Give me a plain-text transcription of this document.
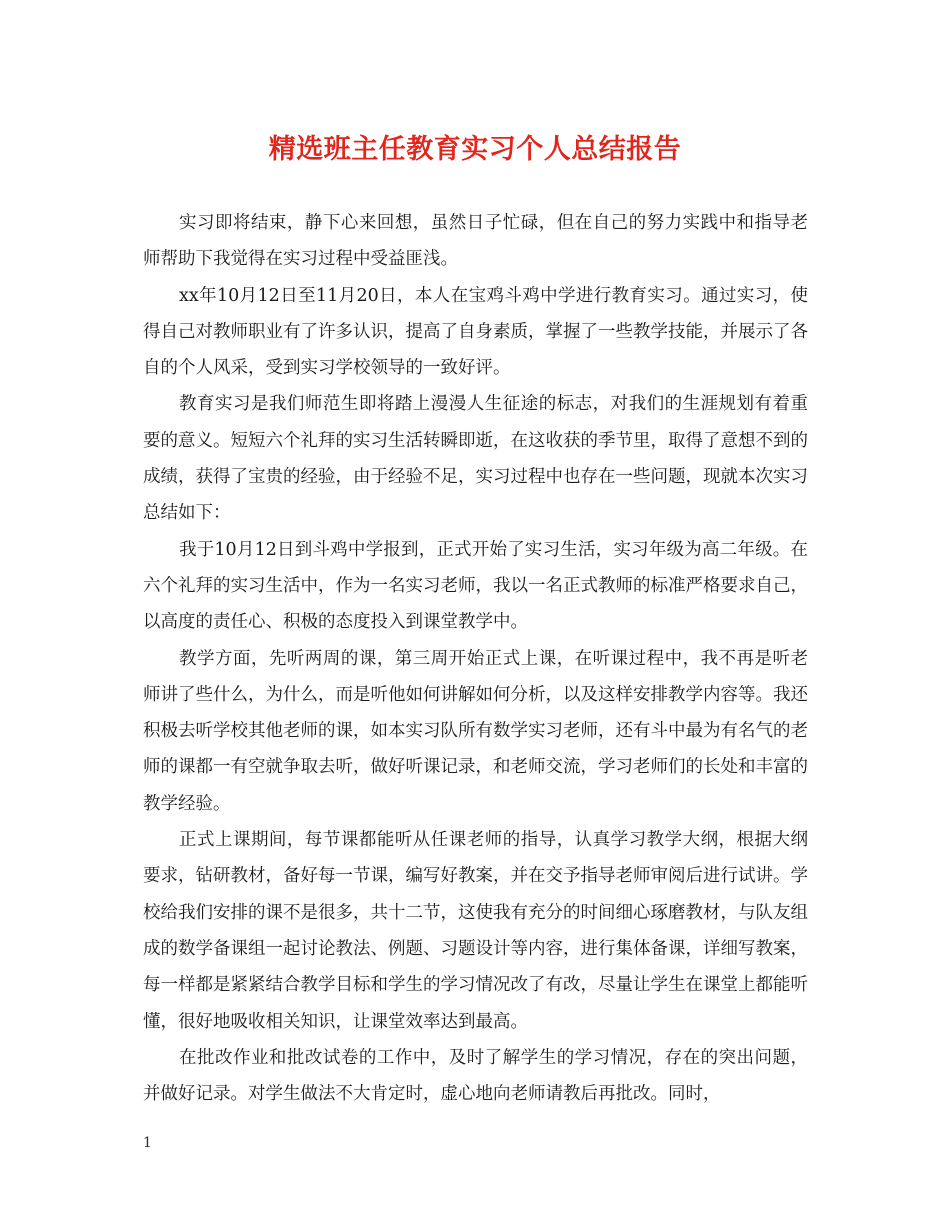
精选班主任教育实习个人总结报告

实习即将结束，静下心来回想，虽然日子忙碌，但在自己的努力实践中和指导老师帮助下我觉得在实习过程中受益匪浅。

xx年10月12日至11月20日，本人在宝鸡斗鸡中学进行教育实习。通过实习，使得自己对教师职业有了许多认识，提高了自身素质，掌握了一些教学技能，并展示了各自的个人风采，受到实习学校领导的一致好评。

教育实习是我们师范生即将踏上漫漫人生征途的标志，对我们的生涯规划有着重要的意义。短短六个礼拜的实习生活转瞬即逝，在这收获的季节里，取得了意想不到的成绩，获得了宝贵的经验，由于经验不足，实习过程中也存在一些问题，现就本次实习总结如下：

我于10月12日到斗鸡中学报到，正式开始了实习生活，实习年级为高二年级。在六个礼拜的实习生活中，作为一名实习老师，我以一名正式教师的标准严格要求自己，以高度的责任心、积极的态度投入到课堂教学中。

教学方面，先听两周的课，第三周开始正式上课，在听课过程中，我不再是听老师讲了些什么，为什么，而是听他如何讲解如何分析，以及这样安排教学内容等。我还积极去听学校其他老师的课，如本实习队所有数学实习老师，还有斗中最为有名气的老师的课都一有空就争取去听，做好听课记录，和老师交流，学习老师们的长处和丰富的教学经验。

正式上课期间，每节课都能听从任课老师的指导，认真学习教学大纲，根据大纲要求，钻研教材，备好每一节课，编写好教案，并在交予指导老师审阅后进行试讲。学校给我们安排的课不是很多，共十二节，这使我有充分的时间细心琢磨教材，与队友组成的数学备课组一起讨论教法、例题、习题设计等内容，进行集体备课，详细写教案，每一样都是紧紧结合教学目标和学生的学习情况改了有改，尽量让学生在课堂上都能听懂，很好地吸收相关知识，让课堂效率达到最高。

在批改作业和批改试卷的工作中，及时了解学生的学习情况，存在的突出问题，并做好记录。对学生做法不大肯定时，虚心地向老师请教后再批改。同时，

1
